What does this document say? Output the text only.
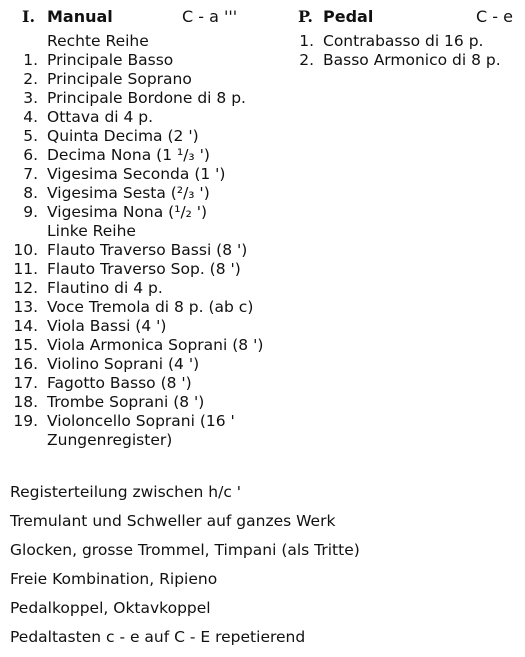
I. Manual	C - a '''	P. Pedal	C - e
Rechte Reihe
Linke Reihe
1. Principale Basso
2. Principale Soprano
3. Principale Bordone di 8 p.
4. Ottava di 4 p.
5. Quinta Decima (2 ')
6. Decima Nona (1 ¹/₃ ')
7. Vigesima Seconda (1 ')
8. Vigesima Sesta (²/₃ ')
9. Vigesima Nona (¹/₂ ')
10. Flauto Traverso Bassi (8 ')
11. Flauto Traverso Sop. (8 ')
12. Flautino di 4 p.
13. Voce Tremola di 8 p. (ab c)
14. Viola Bassi (4 ')
15. Viola Armonica Soprani (8 ')
16. Violino Soprani (4 ')
17. Fagotto Basso (8 ')
18. Trombe Soprani (8 ')
19. Violoncello Soprani (16 '
Zungenregister)
1. Contrabasso di 16 p.
2. Basso Armonico di 8 p.
Registerteilung zwischen h/c '
Tremulant und Schweller auf ganzes Werk
Glocken, grosse Trommel, Timpani (als Tritte)
Freie Kombination, Ripieno
Pedalkoppel, Oktavkoppel
Pedaltasten c - e auf C - E repetierend
